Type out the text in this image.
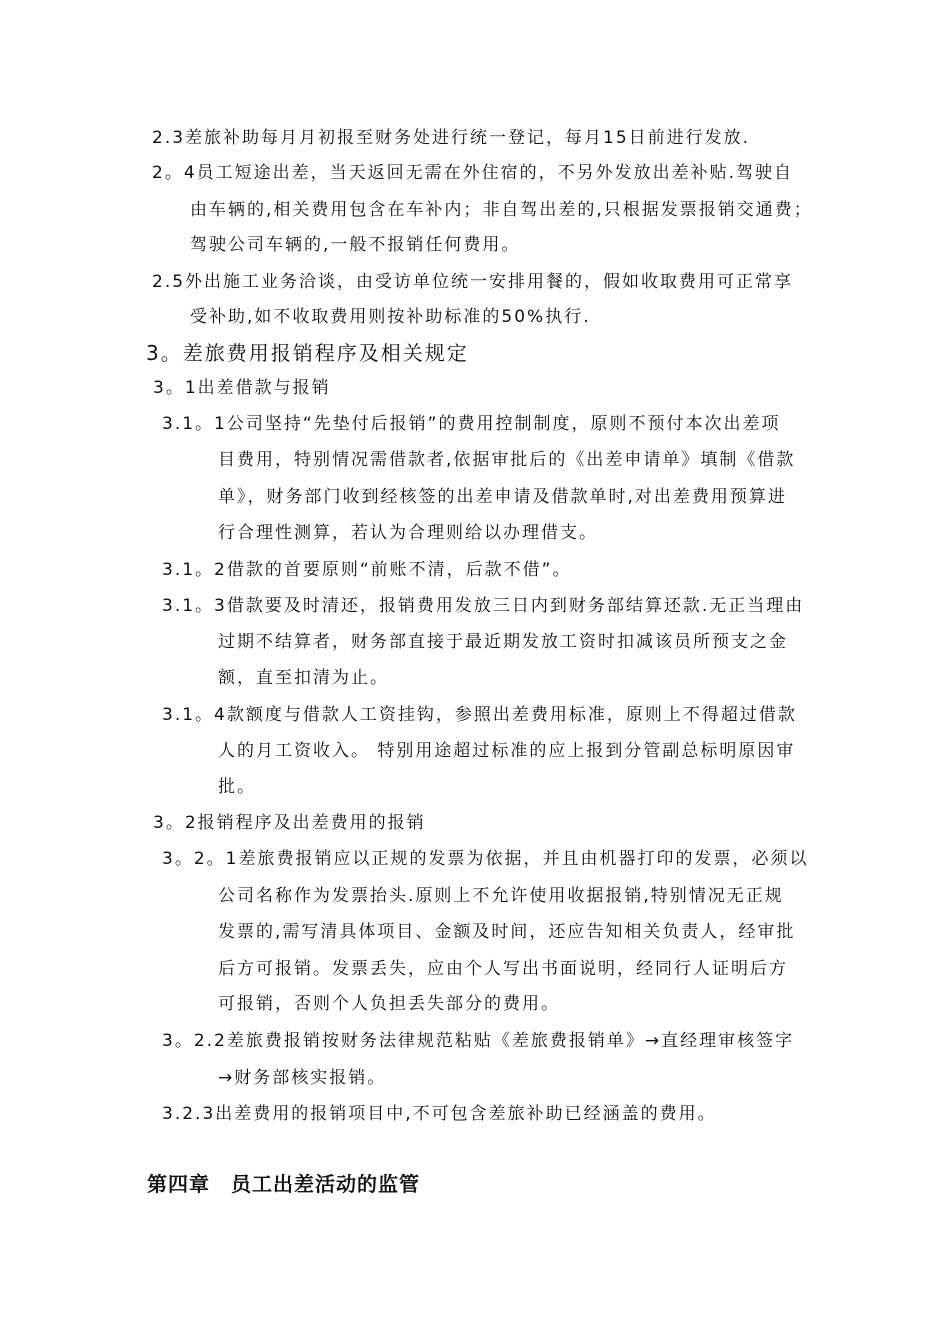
2.3差旅补助每月月初报至财务处进行统一登记，每月15日前进行发放.
2。4员工短途出差，当天返回无需在外住宿的，不另外发放出差补贴.驾驶自
由车辆的,相关费用包含在车补内；非自驾出差的,只根据发票报销交通费；
驾驶公司车辆的,一般不报销任何费用。
2.5外出施工业务洽谈，由受访单位统一安排用餐的，假如收取费用可正常享
受补助,如不收取费用则按补助标准的50%执行.
3。差旅费用报销程序及相关规定
3。1出差借款与报销
3.1。1公司坚持“先垫付后报销”的费用控制制度，原则不预付本次出差项
目费用，特别情况需借款者,依据审批后的《出差申请单》填制《借款
单》，财务部门收到经核签的出差申请及借款单时,对出差费用预算进
行合理性测算，若认为合理则给以办理借支。
3.1。2借款的首要原则“前账不清，后款不借”。
3.1。3借款要及时清还，报销费用发放三日内到财务部结算还款.无正当理由
过期不结算者，财务部直接于最近期发放工资时扣减该员所预支之金
额，直至扣清为止。
3.1。4款额度与借款人工资挂钩，参照出差费用标准，原则上不得超过借款
人的月工资收入。 特别用途超过标准的应上报到分管副总标明原因审
批。
3。2报销程序及出差费用的报销
3。2。1差旅费报销应以正规的发票为依据，并且由机器打印的发票，必须以
公司名称作为发票抬头.原则上不允许使用收据报销,特别情况无正规
发票的,需写清具体项目、金额及时间，还应告知相关负责人，经审批
后方可报销。发票丢失，应由个人写出书面说明，经同行人证明后方
可报销，否则个人负担丢失部分的费用。
3。2.2差旅费报销按财务法律规范粘贴《差旅费报销单》→直经理审核签字
→财务部核实报销。
3.2.3出差费用的报销项目中,不可包含差旅补助已经涵盖的费用。
第四章　员工出差活动的监管
